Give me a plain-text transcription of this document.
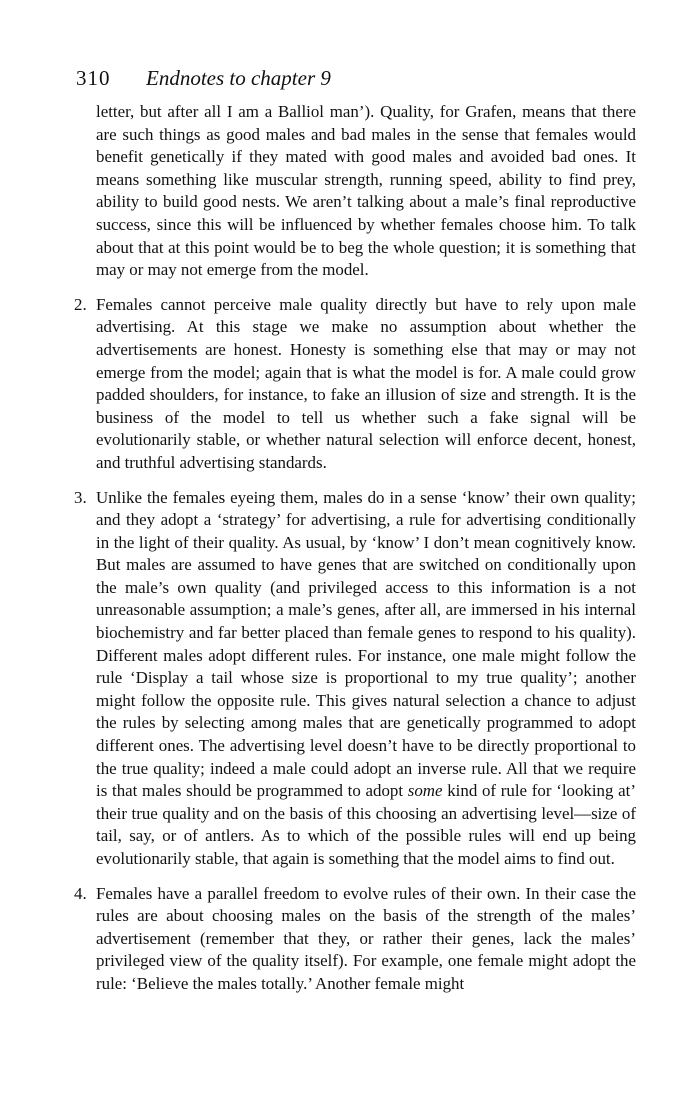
310 Endnotes to chapter 9

letter, but after all I am a Balliol man’). Quality, for Grafen, means that there are such things as good males and bad males in the sense that females would benefit genetically if they mated with good males and avoided bad ones. It means something like muscular strength, running speed, ability to find prey, ability to build good nests. We aren’t talking about a male’s final reproductive success, since this will be influenced by whether females choose him. To talk about that at this point would be to beg the whole question; it is something that may or may not emerge from the model.

2. Females cannot perceive male quality directly but have to rely upon male advertising. At this stage we make no assumption about whether the advertisements are honest. Honesty is something else that may or may not emerge from the model; again that is what the model is for. A male could grow padded shoulders, for instance, to fake an illusion of size and strength. It is the business of the model to tell us whether such a fake signal will be evolutionarily stable, or whether natural selection will enforce decent, honest, and truthful advertising standards.

3. Unlike the females eyeing them, males do in a sense ‘know’ their own quality; and they adopt a ‘strategy’ for advertising, a rule for advertising conditionally in the light of their quality. As usual, by ‘know’ I don’t mean cognitively know. But males are assumed to have genes that are switched on conditionally upon the male’s own quality (and privileged access to this information is a not unreasonable assumption; a male’s genes, after all, are immersed in his internal biochemistry and far better placed than female genes to respond to his quality). Different males adopt different rules. For instance, one male might follow the rule ‘Display a tail whose size is proportional to my true quality’; another might follow the opposite rule. This gives natural selection a chance to adjust the rules by selecting among males that are genetically programmed to adopt different ones. The advertising level doesn’t have to be directly proportional to the true quality; indeed a male could adopt an inverse rule. All that we require is that males should be programmed to adopt some kind of rule for ‘looking at’ their true quality and on the basis of this choosing an advertising level—size of tail, say, or of antlers. As to which of the possible rules will end up being evolutionarily stable, that again is something that the model aims to find out.

4. Females have a parallel freedom to evolve rules of their own. In their case the rules are about choosing males on the basis of the strength of the males’ advertisement (remember that they, or rather their genes, lack the males’ privileged view of the quality itself). For example, one female might adopt the rule: ‘Believe the males totally.’ Another female might
